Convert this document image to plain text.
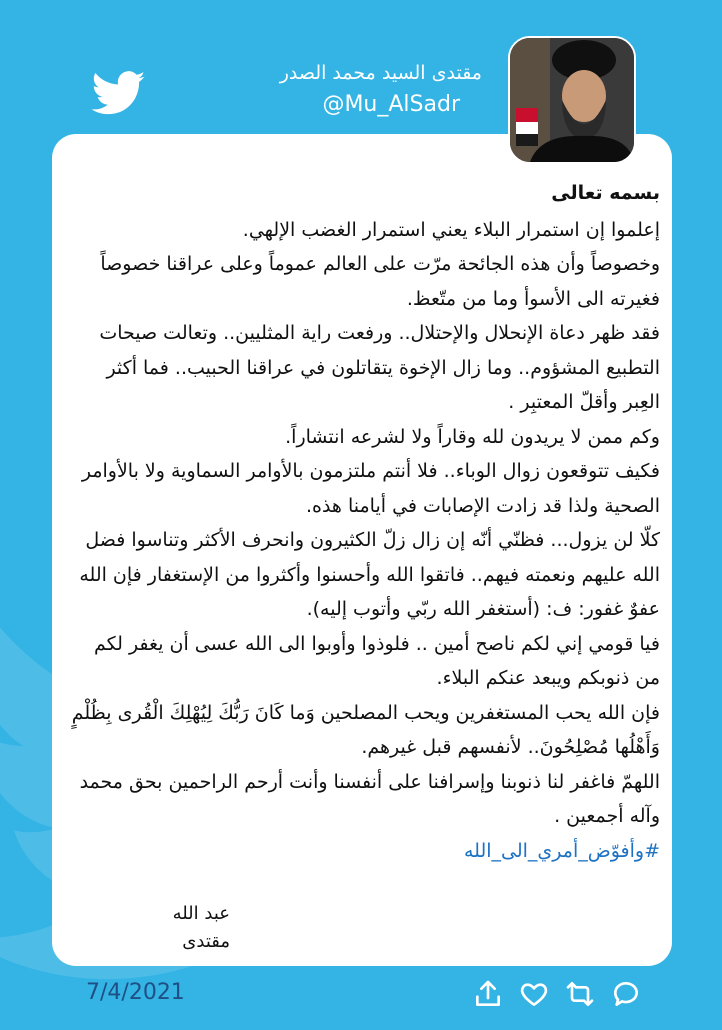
مقتدى السيد محمد الصدر
@Mu_AlSadr
بسمه تعالى

إعلموا إن استمرار البلاء يعني استمرار الغضب الإلهي.

وخصوصاً وأن هذه الجائحة مرّت على العالم عموماً وعلى عراقنا خصوصاً فغيرته الى الأسوأ وما من متّعظ.

فقد ظهر دعاة الإنحلال والإحتلال.. ورفعت راية المثليين.. وتعالت صيحات التطبيع المشؤوم.. وما زال الإخوة يتقاتلون في عراقنا الحبيب.. فما أكثر العِبر وأقلّ المعتبِر .

وكم ممن لا يريدون لله وقاراً ولا لشرعه انتشاراً.

فكيف تتوقعون زوال الوباء.. فلا أنتم ملتزمون بالأوامر السماوية ولا بالأوامر الصحية ولذا قد زادت الإصابات في أيامنا هذه.

كلّا لن يزول... فظنّي أنّه إن زال زلّ الكثيرون وانحرف الأكثر وتناسوا فضل الله عليهم ونعمته فيهم.. فاتقوا الله وأحسنوا وأكثروا من الإستغفار فإن الله عفوٌ غفور: ف: (أستغفر الله ربّي وأتوب إليه).

فيا قومي إني لكم ناصح أمين .. فلوذوا وأوبوا الى الله عسى أن يغفر لكم من ذنوبكم ويبعد عنكم البلاء.

فإن الله يحب المستغفرين ويحب المصلحين وَما كَانَ رَبُّكَ لِيُهْلِكَ الْقُرى بِظُلْمٍ وَأَهْلُها مُصْلِحُونَ.. لأنفسهم قبل غيرهم.

اللهمّ فاغفر لنا ذنوبنا وإسرافنا على أنفسنا وأنت أرحم الراحمين بحق محمد وآله أجمعين .

#وأفوّض_أمري_الى_الله

عبد الله
مقتدى
7/4/2021
